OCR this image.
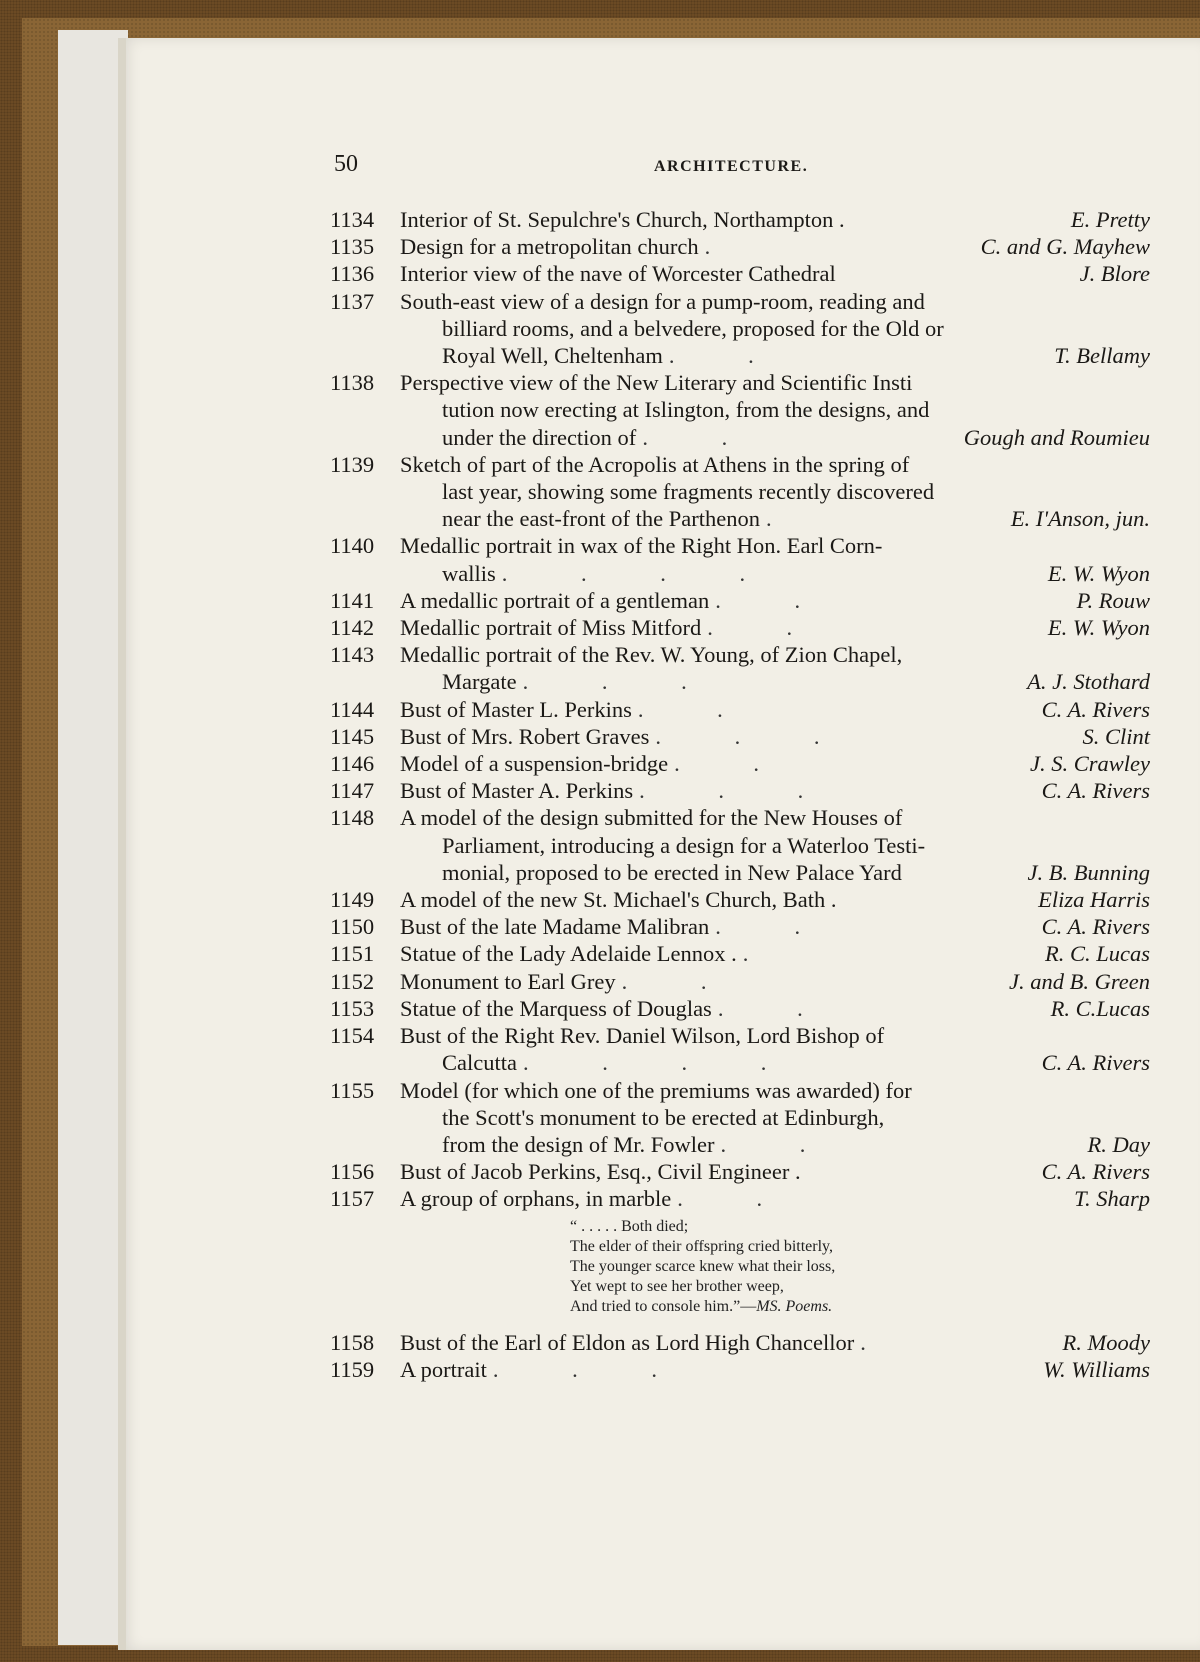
50	ARCHITECTURE.
1134	Interior of St. Sepulchre's Church, Northampton .	E. Pretty
1135	Design for a metropolitan church .	C. and G. Mayhew
1136	Interior view of the nave of Worcester Cathedral	J. Blore
1137	South-east view of a design for a pump-room, reading and
billiard rooms, and a belvedere, proposed for the Old or
Royal Well, Cheltenham . .	T. Bellamy
1138	Perspective view of the New Literary and Scientific Insti
tution now erecting at Islington, from the designs, and
under the direction of . .	Gough and Roumieu
1139	Sketch of part of the Acropolis at Athens in the spring of
last year, showing some fragments recently discovered
near the east-front of the Parthenon .	E. I'Anson, jun.
1140	Medallic portrait in wax of the Right Hon. Earl Corn-
wallis . . . .	E. W. Wyon
1141	A medallic portrait of a gentleman . .	P. Rouw
1142	Medallic portrait of Miss Mitford . .	E. W. Wyon
1143	Medallic portrait of the Rev. W. Young, of Zion Chapel,
Margate . . .	A. J. Stothard
1144	Bust of Master L. Perkins . .	C. A. Rivers
1145	Bust of Mrs. Robert Graves . . .	S. Clint
1146	Model of a suspension-bridge . .	J. S. Crawley
1147	Bust of Master A. Perkins . . .	C. A. Rivers
1148	A model of the design submitted for the New Houses of
Parliament, introducing a design for a Waterloo Testi-
monial, proposed to be erected in New Palace Yard	J. B. Bunning
1149	A model of the new St. Michael's Church, Bath .	Eliza Harris
1150	Bust of the late Madame Malibran . .	C. A. Rivers
1151	Statue of the Lady Adelaide Lennox . .	R. C. Lucas
1152	Monument to Earl Grey . .	J. and B. Green
1153	Statue of the Marquess of Douglas . .	R. C.Lucas
1154	Bust of the Right Rev. Daniel Wilson, Lord Bishop of
Calcutta . . . .	C. A. Rivers
1155	Model (for which one of the premiums was awarded) for
the Scott's monument to be erected at Edinburgh,
from the design of Mr. Fowler . .	R. Day
1156	Bust of Jacob Perkins, Esq., Civil Engineer .	C. A. Rivers
1157	A group of orphans, in marble . .	T. Sharp
“ . . . . . Both died;
The elder of their offspring cried bitterly,
The younger scarce knew what their loss,
Yet wept to see her brother weep,
And tried to console him.”—MS. Poems.
1158	Bust of the Earl of Eldon as Lord High Chancellor .	R. Moody
1159	A portrait . . .	W. Williams
